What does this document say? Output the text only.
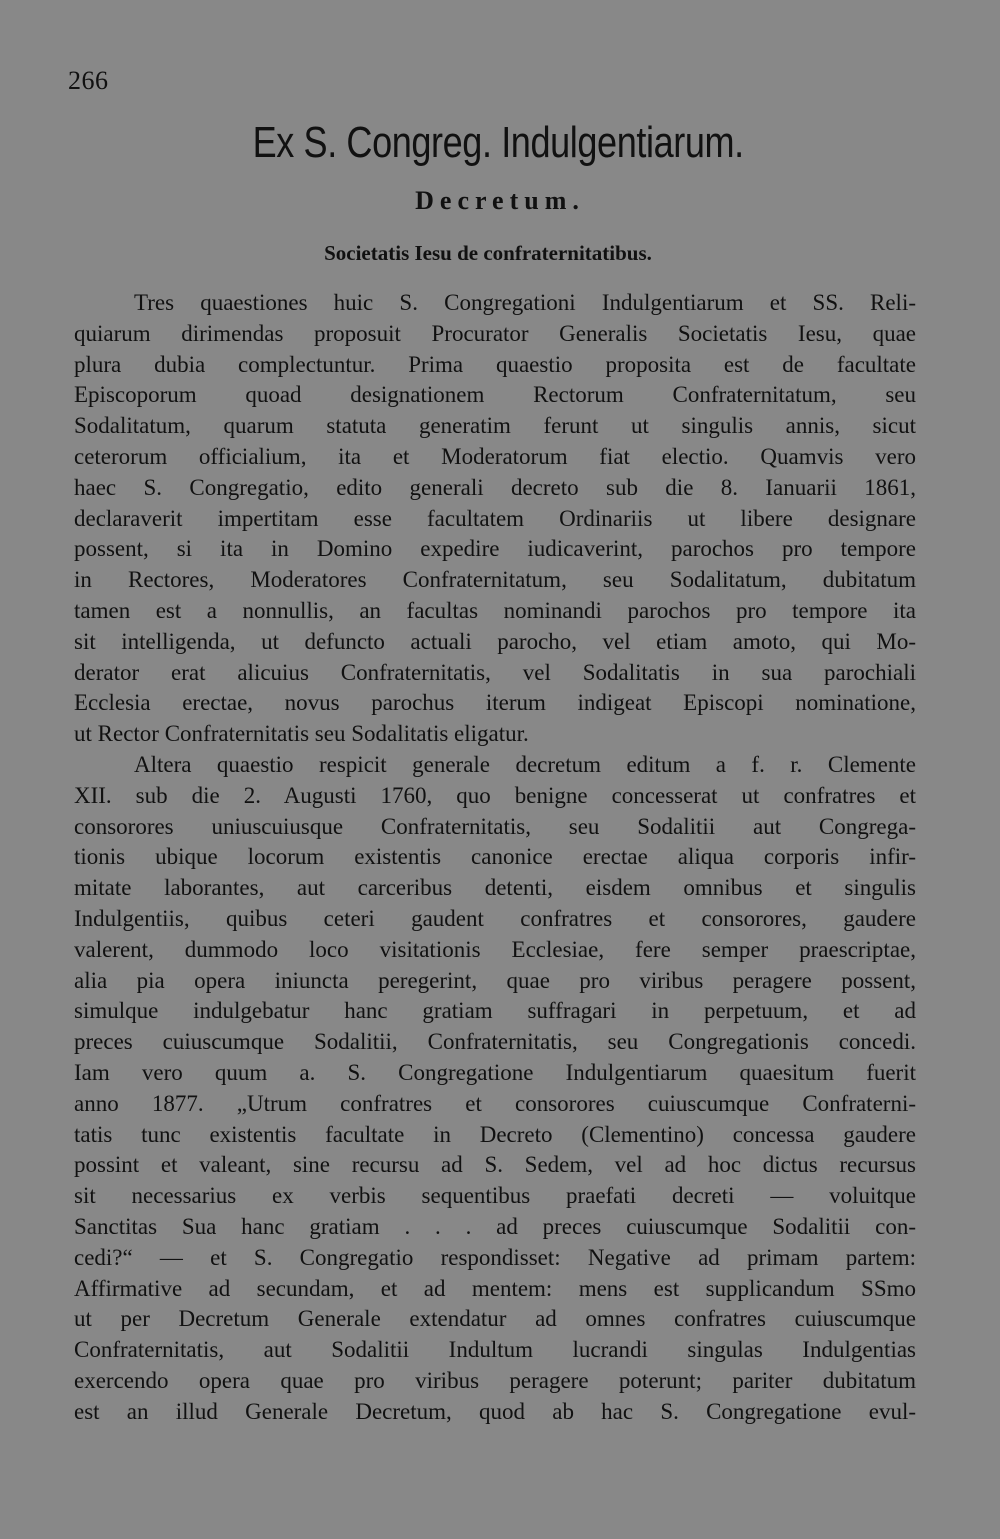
266
Ex S. Congreg. Indulgentiarum.
Decretum.
Societatis Iesu de confraternitatibus.
Tres quaestiones huic S. Congregationi Indulgentiarum et SS. Reli-
quiarum dirimendas proposuit Procurator Generalis Societatis Iesu, quae
plura dubia complectuntur. Prima quaestio proposita est de facultate
Episcoporum quoad designationem Rectorum Confraternitatum, seu
Sodalitatum, quarum statuta generatim ferunt ut singulis annis, sicut
ceterorum officialium, ita et Moderatorum fiat electio. Quamvis vero
haec S. Congregatio, edito generali decreto sub die 8. Ianuarii 1861,
declaraverit impertitam esse facultatem Ordinariis ut libere designare
possent, si ita in Domino expedire iudicaverint, parochos pro tempore
in Rectores, Moderatores Confraternitatum, seu Sodalitatum, dubitatum
tamen est a nonnullis, an facultas nominandi parochos pro tempore ita
sit intelligenda, ut defuncto actuali parocho, vel etiam amoto, qui Mo-
derator erat alicuius Confraternitatis, vel Sodalitatis in sua parochiali
Ecclesia erectae, novus parochus iterum indigeat Episcopi nominatione,
ut Rector Confraternitatis seu Sodalitatis eligatur.
Altera quaestio respicit generale decretum editum a f. r. Clemente
XII. sub die 2. Augusti 1760, quo benigne concesserat ut confratres et
consorores uniuscuiusque Confraternitatis, seu Sodalitii aut Congrega-
tionis ubique locorum existentis canonice erectae aliqua corporis infir-
mitate laborantes, aut carceribus detenti, eisdem omnibus et singulis
Indulgentiis, quibus ceteri gaudent confratres et consorores, gaudere
valerent, dummodo loco visitationis Ecclesiae, fere semper praescriptae,
alia pia opera iniuncta peregerint, quae pro viribus peragere possent,
simulque indulgebatur hanc gratiam suffragari in perpetuum, et ad
preces cuiuscumque Sodalitii, Confraternitatis, seu Congregationis concedi.
Iam vero quum a. S. Congregatione Indulgentiarum quaesitum fuerit
anno 1877. „Utrum confratres et consorores cuiuscumque Confraterni-
tatis tunc existentis facultate in Decreto (Clementino) concessa gaudere
possint et valeant, sine recursu ad S. Sedem, vel ad hoc dictus recursus
sit necessarius ex verbis sequentibus praefati decreti — voluitque
Sanctitas Sua hanc gratiam . . . ad preces cuiuscumque Sodalitii con-
cedi?“ — et S. Congregatio respondisset: Negative ad primam partem:
Affirmative ad secundam, et ad mentem: mens est supplicandum SSmo
ut per Decretum Generale extendatur ad omnes confratres cuiuscumque
Confraternitatis, aut Sodalitii Indultum lucrandi singulas Indulgentias
exercendo opera quae pro viribus peragere poterunt; pariter dubitatum
est an illud Generale Decretum, quod ab hac S. Congregatione evul-
